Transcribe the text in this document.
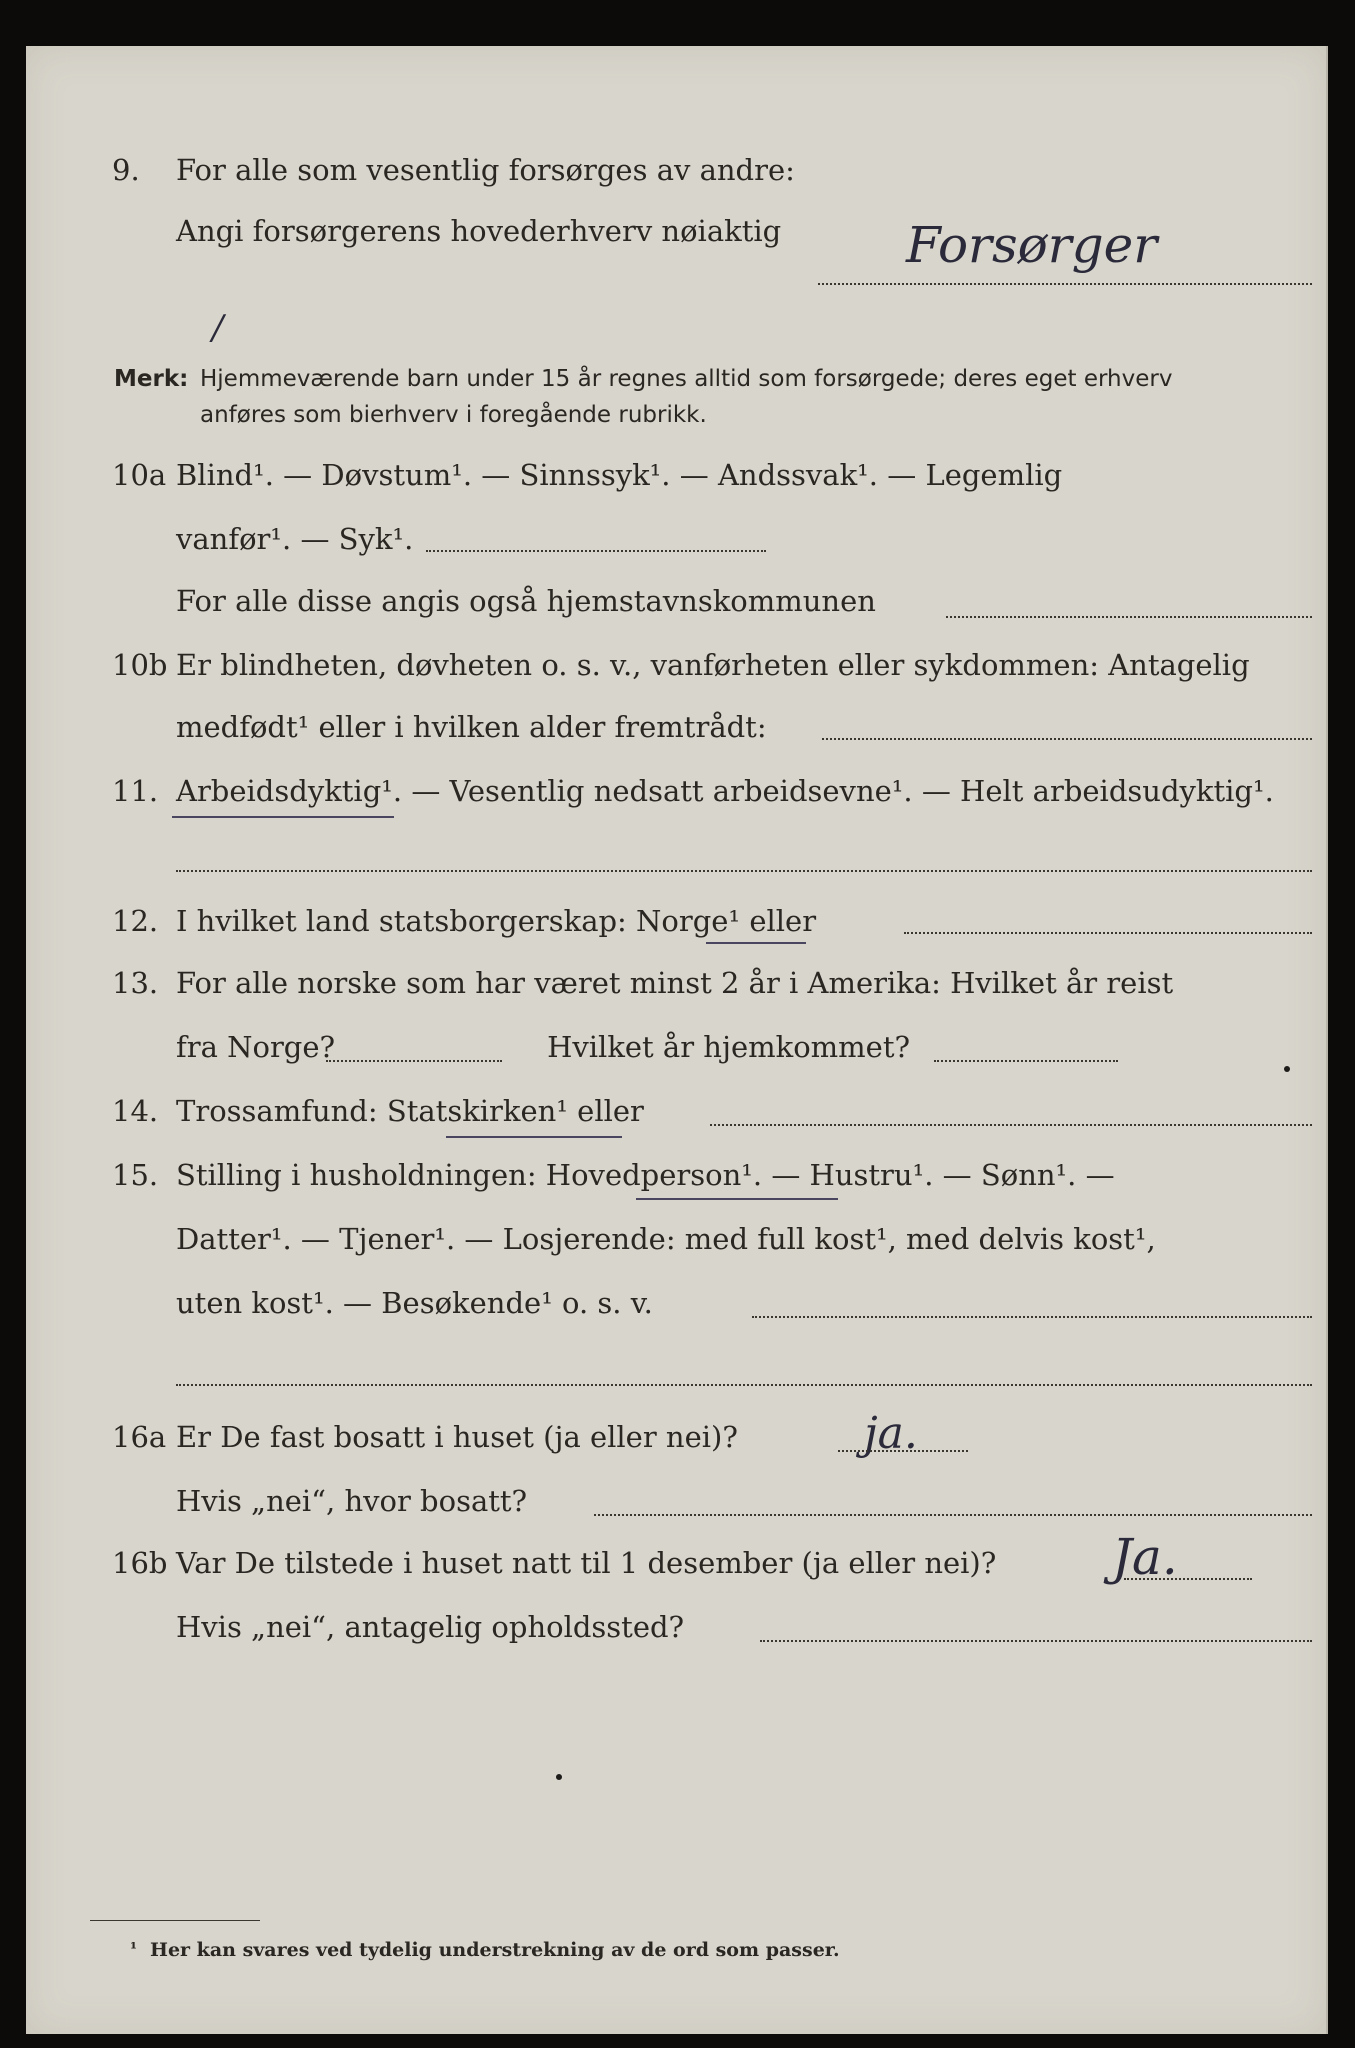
9. For alle som vesentlig forsørges av andre:
Angi forsørgerens hovederhverv nøiaktig Forsørger
/
Merk: Hjemmeværende barn under 15 år regnes alltid som forsørgede; deres eget erhverv
anføres som bierhverv i foregående rubrikk.
10a Blind¹. — Døvstum¹. — Sinnssyk¹. — Andssvak¹. — Legemlig
vanfør¹. — Syk¹.
For alle disse angis også hjemstavnskommunen
10b Er blindheten, døvheten o. s. v., vanførheten eller sykdommen: Antagelig
medfødt¹ eller i hvilken alder fremtrådt:
11. Arbeidsdyktig¹. — Vesentlig nedsatt arbeidsevne¹. — Helt arbeidsudyktig¹.
12. I hvilket land statsborgerskap: Norge¹ eller
13. For alle norske som har været minst 2 år i Amerika: Hvilket år reist
fra Norge?                       Hvilket år hjemkommet?
14. Trossamfund: Statskirken¹ eller
15. Stilling i husholdningen: Hovedperson¹. — Hustru¹. — Sønn¹. —
Datter¹. — Tjener¹. — Losjerende: med full kost¹, med delvis kost¹,
uten kost¹. — Besøkende¹ o. s. v.
16a Er De fast bosatt i huset (ja eller nei)?	ja.
Hvis „nei“, hvor bosatt?
16b Var De tilstede i huset natt til 1 desember (ja eller nei)? Ja.
Hvis „nei“, antagelig opholdssted?
¹ Her kan svares ved tydelig understrekning av de ord som passer.
